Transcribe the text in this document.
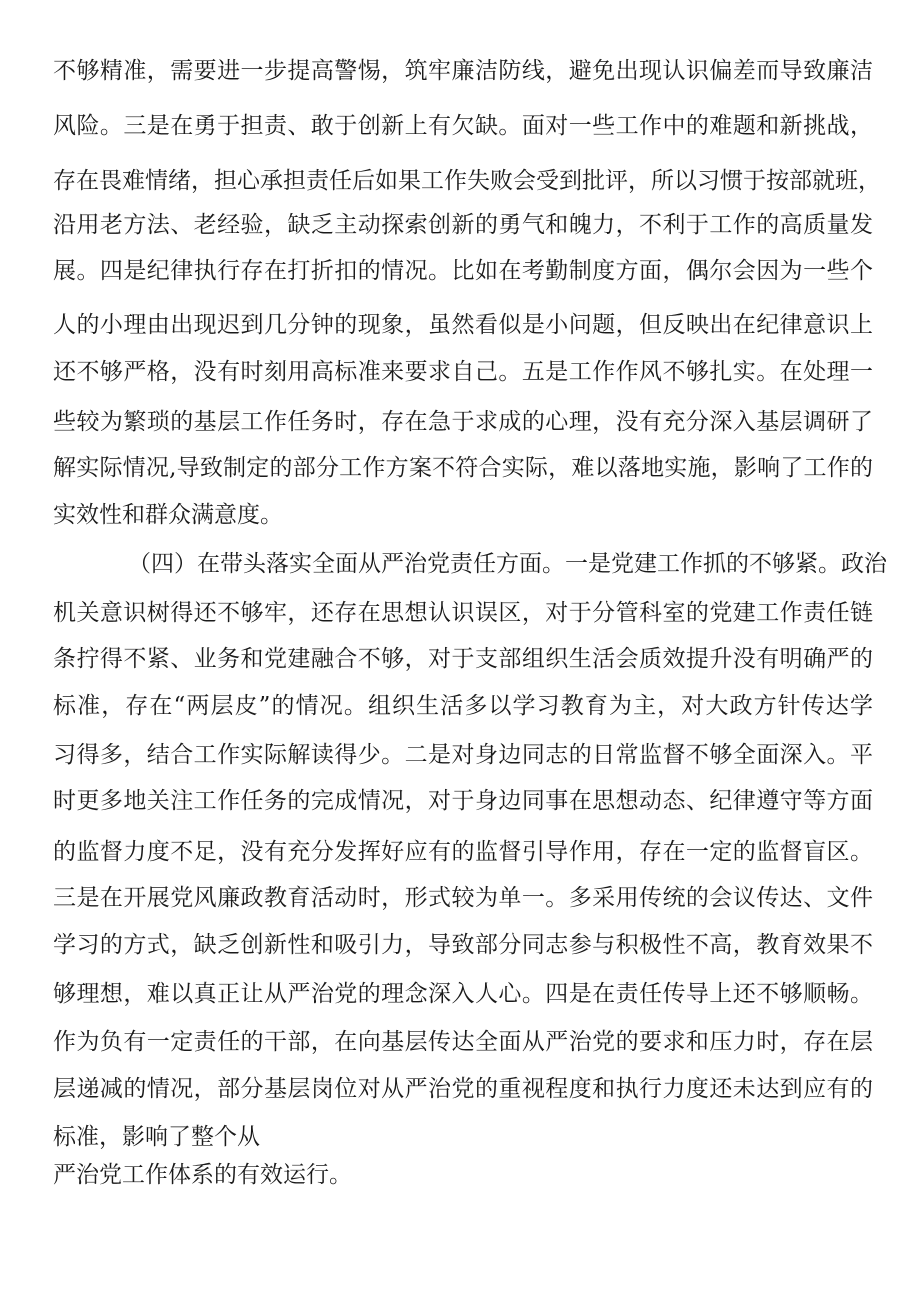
不够精准，需要进一步提高警惕，筑牢廉洁防线，避免出现认识偏差而导致廉洁
风险。三是在勇于担责、敢于创新上有欠缺。面对一些工作中的难题和新挑战，
存在畏难情绪，担心承担责任后如果工作失败会受到批评，所以习惯于按部就班，
沿用老方法、老经验，缺乏主动探索创新的勇气和魄力，不利于工作的高质量发
展。四是纪律执行存在打折扣的情况。比如在考勤制度方面，偶尔会因为一些个
人的小理由出现迟到几分钟的现象，虽然看似是小问题，但反映出在纪律意识上
还不够严格，没有时刻用高标准来要求自己。五是工作作风不够扎实。在处理一
些较为繁琐的基层工作任务时，存在急于求成的心理，没有充分深入基层调研了
解实际情况,导致制定的部分工作方案不符合实际，难以落地实施，影响了工作的
实效性和群众满意度。
（四）在带头落实全面从严治党责任方面。一是党建工作抓的不够紧。政治
机关意识树得还不够牢，还存在思想认识误区，对于分管科室的党建工作责任链
条拧得不紧、业务和党建融合不够，对于支部组织生活会质效提升没有明确严的
标准，存在“两层皮”的情况。组织生活多以学习教育为主，对大政方针传达学
习得多，结合工作实际解读得少。二是对身边同志的日常监督不够全面深入。平
时更多地关注工作任务的完成情况，对于身边同事在思想动态、纪律遵守等方面
的监督力度不足，没有充分发挥好应有的监督引导作用，存在一定的监督盲区。
三是在开展党风廉政教育活动时，形式较为单一。多采用传统的会议传达、文件
学习的方式，缺乏创新性和吸引力，导致部分同志参与积极性不高，教育效果不
够理想，难以真正让从严治党的理念深入人心。四是在责任传导上还不够顺畅。
作为负有一定责任的干部，在向基层传达全面从严治党的要求和压力时，存在层
层递减的情况，部分基层岗位对从严治党的重视程度和执行力度还未达到应有的
标准，影响了整个从
严治党工作体系的有效运行。
